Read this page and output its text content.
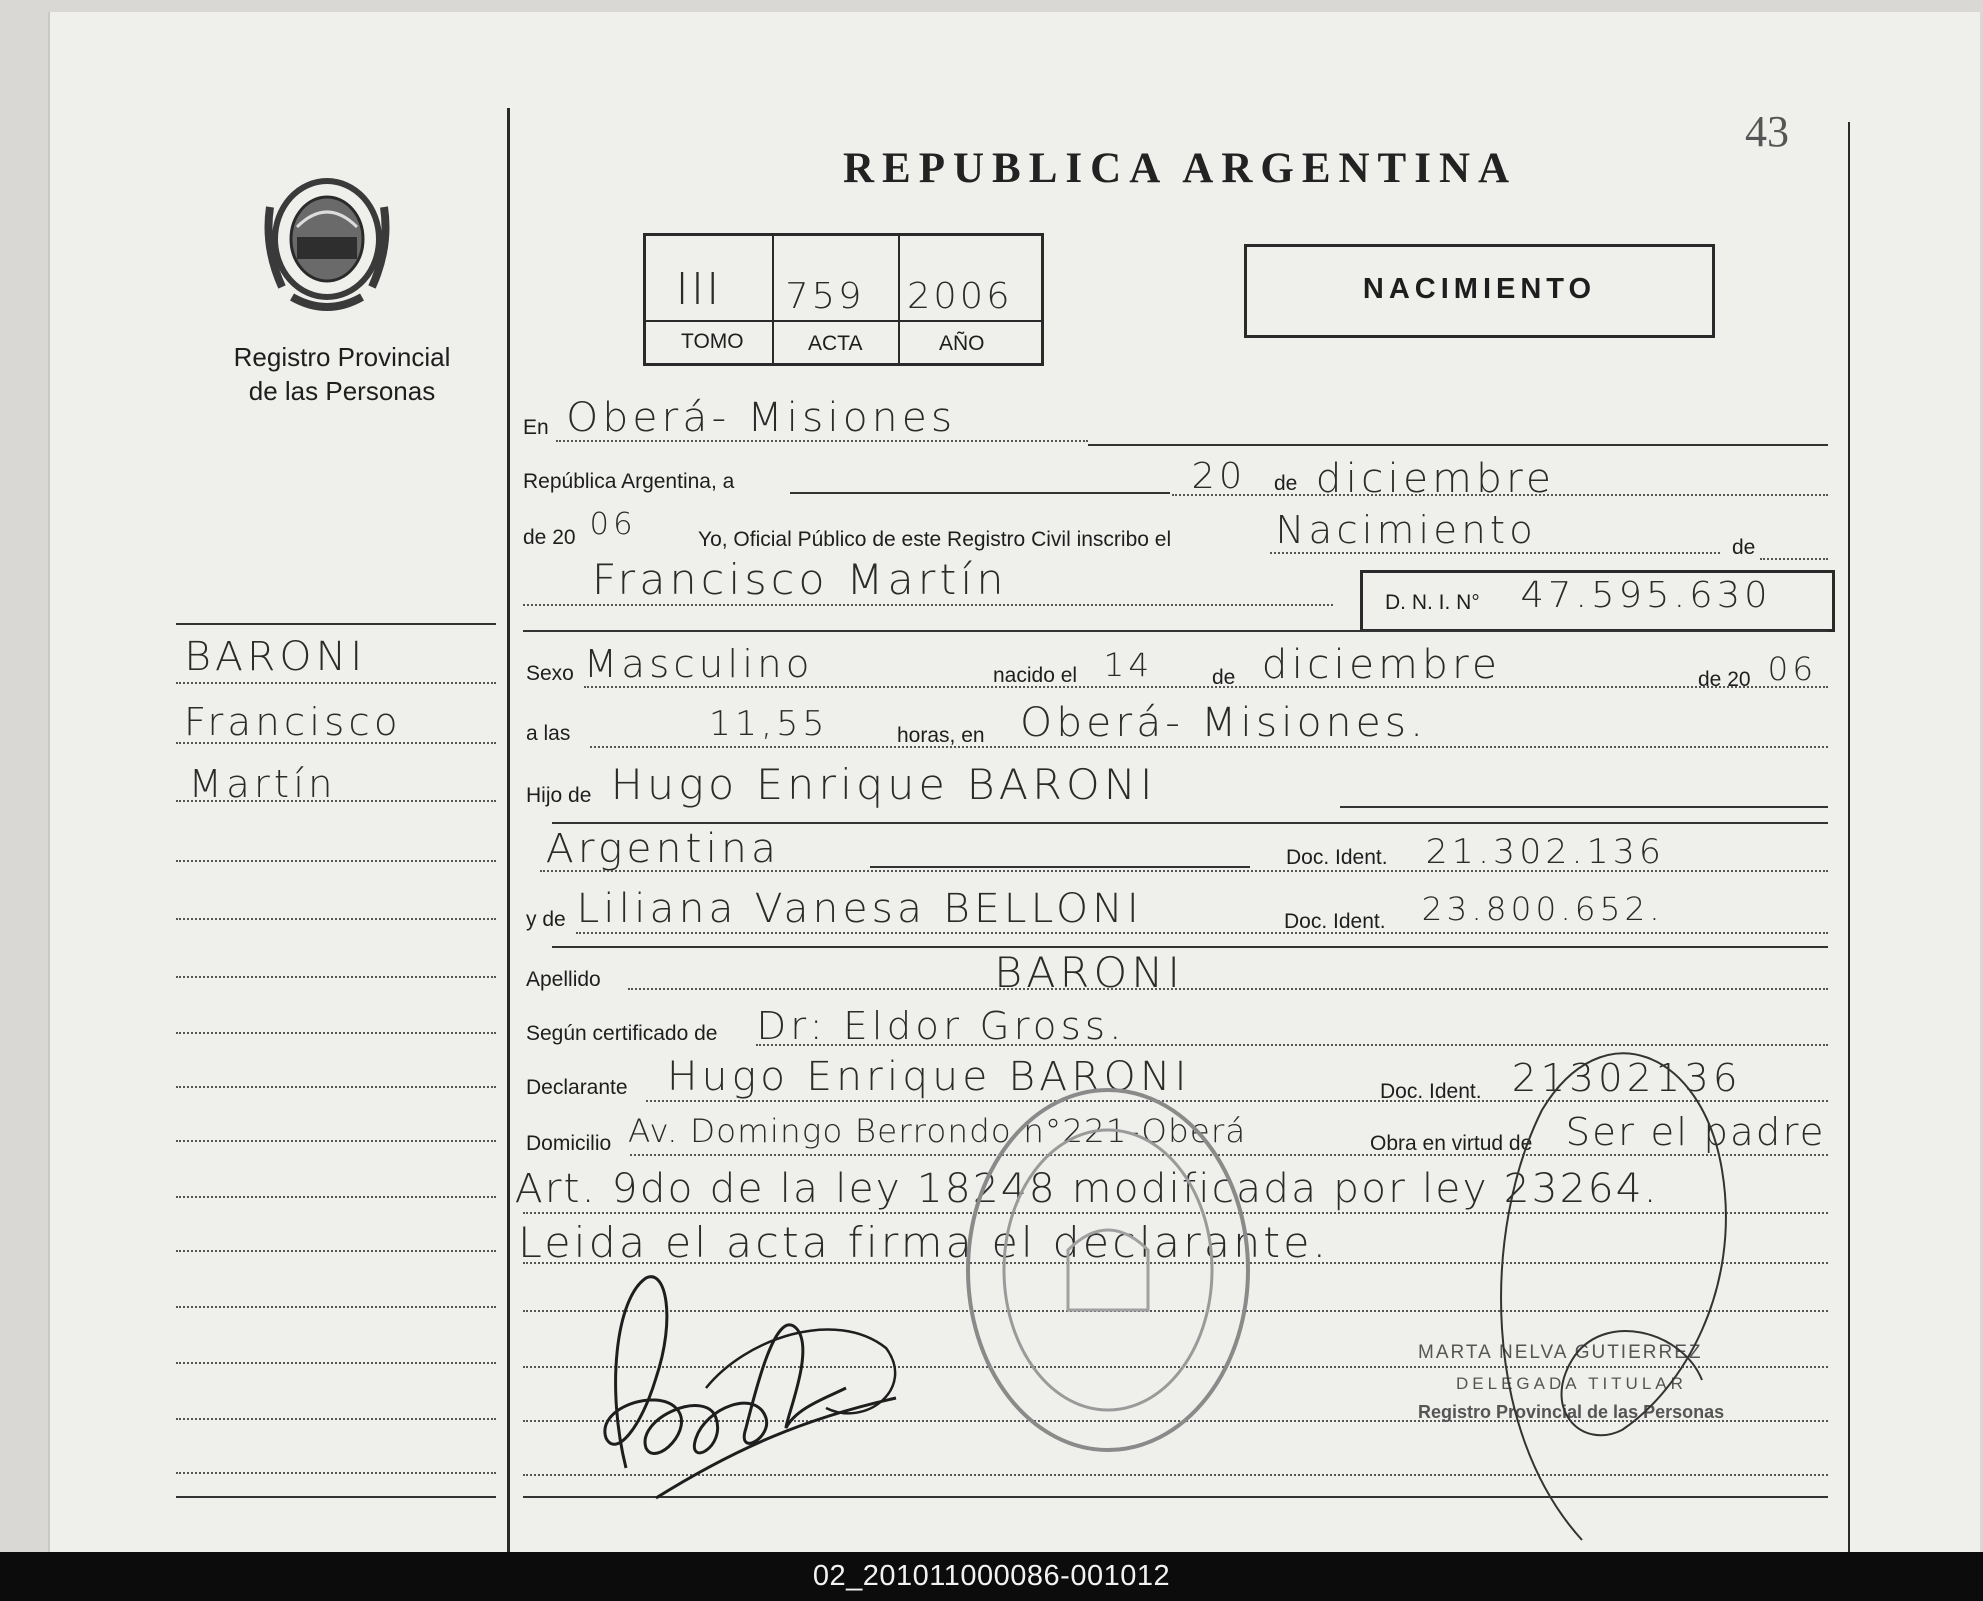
43
Registro Provincial
de las Personas
REPUBLICA ARGENTINA
III 759 2006
TOMO	ACTA	AÑO
NACIMIENTO
BARONI
Francisco
Martín
En Oberá- Misiones
República Argentina, a	20 de diciembre
de 20 06	Yo, Oficial Público de este Registro Civil inscribo el	Nacimiento	de
Francisco Martín	D. N. I. N° 47.595.630
Sexo Masculino	nacido el 14	de diciembre	de 20 06
a las	11,55	horas, en Oberá- Misiones.
Hijo de Hugo Enrique BARONI
Argentina	Doc. Ident. 21.302.136
y de Liliana Vanesa BELLONI	Doc. Ident. 23.800.652.
Apellido	BARONI
Según certificado de Dr: Eldor Gross.
Declarante Hugo Enrique BARONI	Doc. Ident. 21302136
Domicilio Av. Domingo Berrondo n°221-Oberá	Obra en virtud de Ser el padre
Art. 9do de la ley 18248 modificada por ley 23264.
Leida el acta firma el declarante.
MARTA NELVA GUTIERREZ
DELEGADA TITULAR
Registro Provincial de las Personas
02_201011000086-001012
